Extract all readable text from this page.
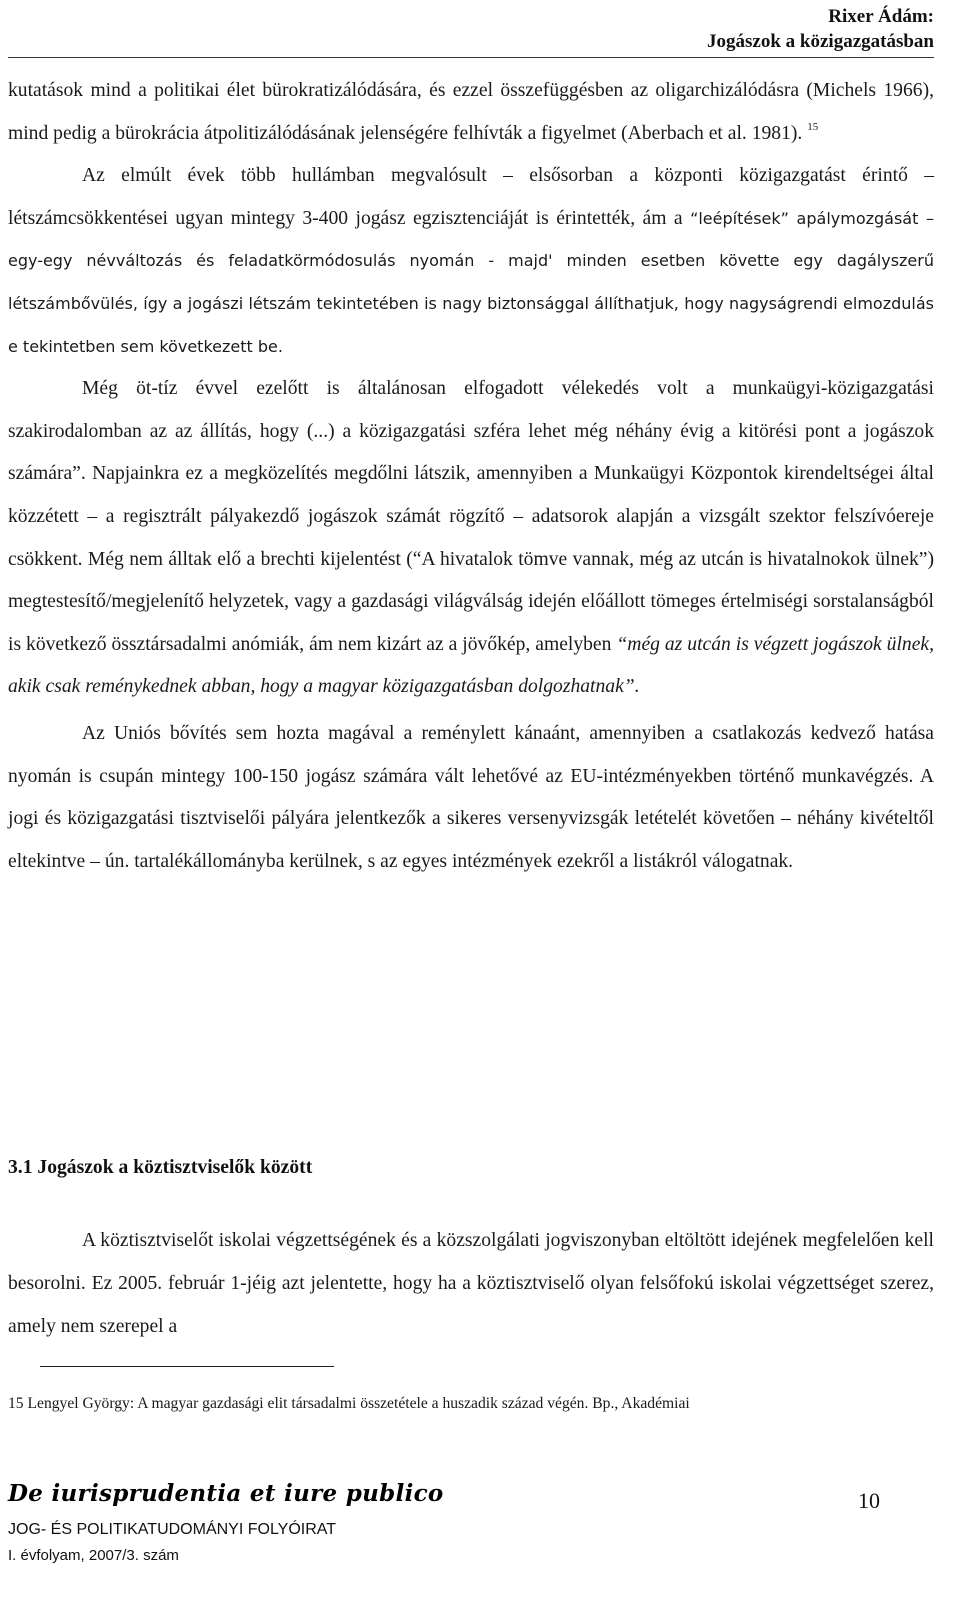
Rixer Ádám:
Jogászok a közigazgatásban

kutatások mind a politikai élet bürokratizálódására, és ezzel összefüggésben az oligarchizálódásra (Michels 1966), mind pedig a bürokrácia átpolitizálódásának jelenségére felhívták a figyelmet (Aberbach et al. 1981). $^{15}$

Az elmúlt évek több hullámban megvalósult – elsősorban a központi közigazgatást érintő – létszámcsökkentései ugyan mintegy 3-400 jogász egzisztenciáját is érintették, ám a “leépítések” apálymozgását – egy-egy névváltozás és feladatkörmódosulás nyomán - majd' minden esetben követte egy dagályszerű létszámbővülés, így a jogászi létszám tekintetében is nagy biztonsággal állíthatjuk, hogy nagyságrendi elmozdulás e tekintetben sem következett be.

Még öt-tíz évvel ezelőtt is általánosan elfogadott vélekedés volt a munkaügyi-közigazgatási szakirodalomban az az állítás, hogy (...) a közigazgatási szféra lehet még néhány évig a kitörési pont a jogászok számára”. Napjainkra ez a megközelítés megdőlni látszik, amennyiben a Munkaügyi Központok kirendeltségei által közzétett – a regisztrált pályakezdő jogászok számát rögzítő – adatsorok alapján a vizsgált szektor felszívóereje csökkent. Még nem álltak elő a brechti kijelentést (“A hivatalok tömve vannak, még az utcán is hivatalnokok ülnek”) megtestesítő/megjelenítő helyzetek, vagy a gazdasági világválság idején előállott tömeges értelmiségi sorstalanságból is következő össztársadalmi anómiák, ám nem kizárt az a jövőkép, amelyben “még az utcán is végzett jogászok ülnek, akik csak reménykednek abban, hogy a magyar közigazgatásban dolgozhatnak”.

Az Uniós bővítés sem hozta magával a reménylett kánaánt, amennyiben a csatlakozás kedvező hatása nyomán is csupán mintegy 100-150 jogász számára vált lehetővé az EU-intézményekben történő munkavégzés. A jogi és közigazgatási tisztviselői pályára jelentkezők a sikeres versenyvizsgák letételét követően – néhány kivételtől eltekintve – ún. tartalékállományba kerülnek, s az egyes intézmények ezekről a listákról válogatnak.

3.1 Jogászok a köztisztviselők között

A köztisztviselőt iskolai végzettségének és a közszolgálati jogviszonyban eltöltött idejének megfelelően kell besorolni. Ez 2005. február 1-jéig azt jelentette, hogy ha a köztisztviselő olyan felsőfokú iskolai végzettséget szerez, amely nem szerepel a

15 Lengyel György: A magyar gazdasági elit társadalmi összetétele a huszadik század végén. Bp., Akadémiai
De iurisprudentia et iure publico	10
JOG- ÉS POLITIKATUDOMÁNYI FOLYÓIRAT
I. évfolyam, 2007/3. szám
